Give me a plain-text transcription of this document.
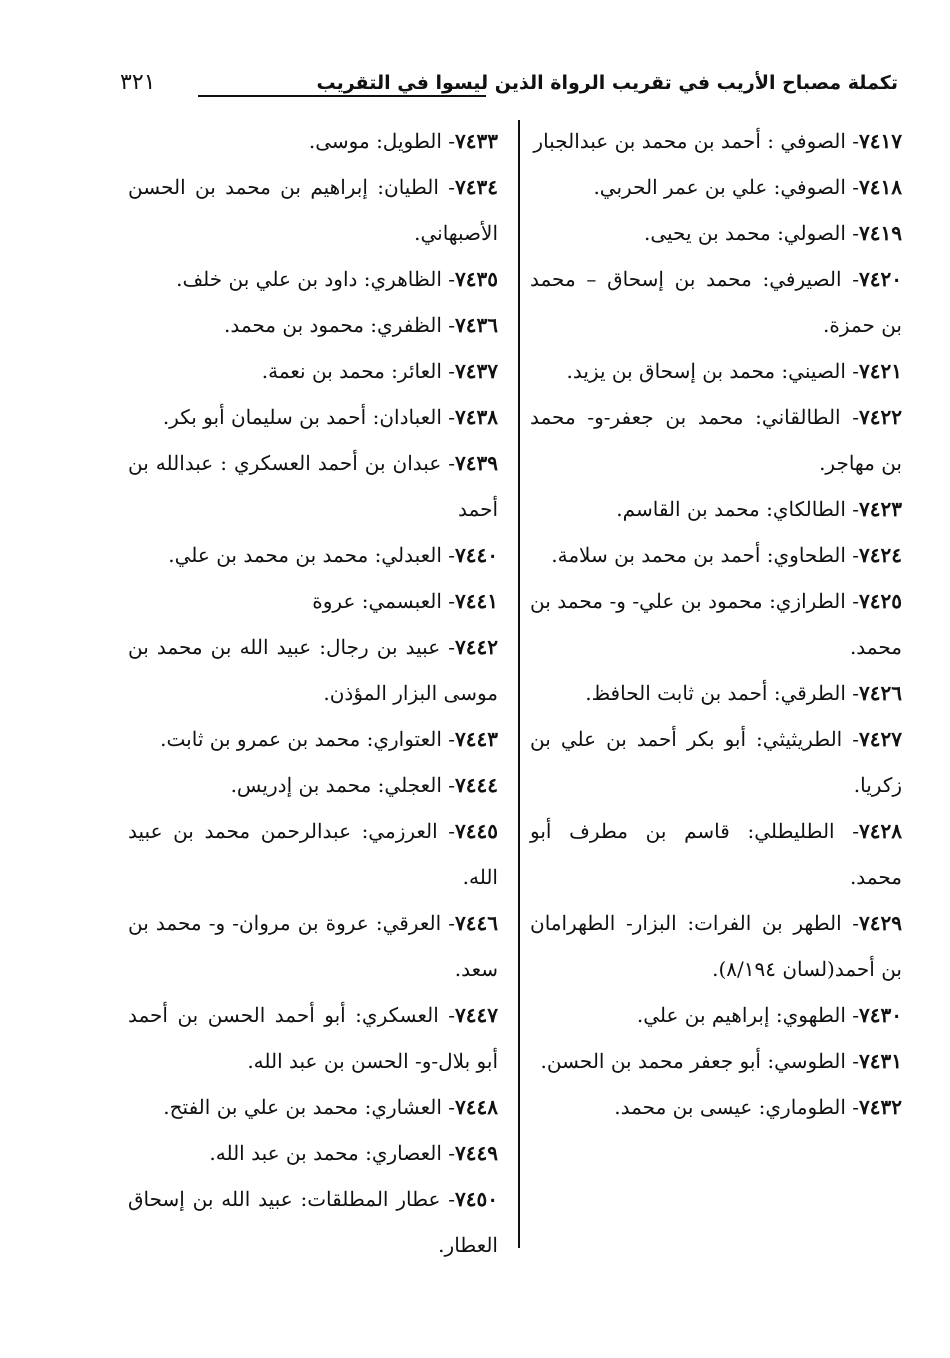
تكملة مصباح الأريب في تقريب الرواة الذين ليسوا في التقريب
٣٢١
٧٤١٧- الصوفي : أحمد بن محمد بن عبدالجبار
٧٤١٨- الصوفي: علي بن عمر الحربي.
٧٤١٩- الصولي: محمد بن يحيى.
٧٤٢٠- الصيرفي: محمد بن إسحاق – محمد بن حمزة.
٧٤٢١- الصيني: محمد بن إسحاق بن يزيد.
٧٤٢٢- الطالقاني: محمد بن جعفر-و- محمد بن مهاجر.
٧٤٢٣- الطالكاي: محمد بن القاسم.
٧٤٢٤- الطحاوي: أحمد بن محمد بن سلامة.
٧٤٢٥- الطرازي: محمود بن علي- و- محمد بن محمد.
٧٤٢٦- الطرقي: أحمد بن ثابت الحافظ.
٧٤٢٧- الطريثيثي: أبو بكر أحمد بن علي بن زكريا.
٧٤٢٨- الطليطلي: قاسم بن مطرف أبو محمد.
٧٤٢٩- الطهر بن الفرات: البزار- الطهرامان بن أحمد(لسان ٨/١٩٤).
٧٤٣٠- الطهوي: إبراهيم بن علي.
٧٤٣١- الطوسي: أبو جعفر محمد بن الحسن.
٧٤٣٢- الطوماري: عيسى بن محمد.
٧٤٣٣- الطويل: موسى.
٧٤٣٤- الطيان: إبراهيم بن محمد بن الحسن الأصبهاني.
٧٤٣٥- الظاهري: داود بن علي بن خلف.
٧٤٣٦- الظفري: محمود بن محمد.
٧٤٣٧- العائر: محمد بن نعمة.
٧٤٣٨- العبادان: أحمد بن سليمان أبو بكر.
٧٤٣٩- عبدان بن أحمد العسكري : عبدالله بن أحمد
٧٤٤٠- العبدلي: محمد بن محمد بن علي.
٧٤٤١- العبسمي: عروة
٧٤٤٢- عبيد بن رجال: عبيد الله بن محمد بن موسى البزار المؤذن.
٧٤٤٣- العتواري: محمد بن عمرو بن ثابت.
٧٤٤٤- العجلي: محمد بن إدريس.
٧٤٤٥- العرزمي: عبدالرحمن محمد بن عبيد الله.
٧٤٤٦- العرقي: عروة بن مروان- و- محمد بن سعد.
٧٤٤٧- العسكري: أبو أحمد الحسن بن أحمد أبو بلال-و- الحسن بن عبد الله.
٧٤٤٨- العشاري: محمد بن علي بن الفتح.
٧٤٤٩- العصاري: محمد بن عبد الله.
٧٤٥٠- عطار المطلقات: عبيد الله بن إسحاق العطار.
